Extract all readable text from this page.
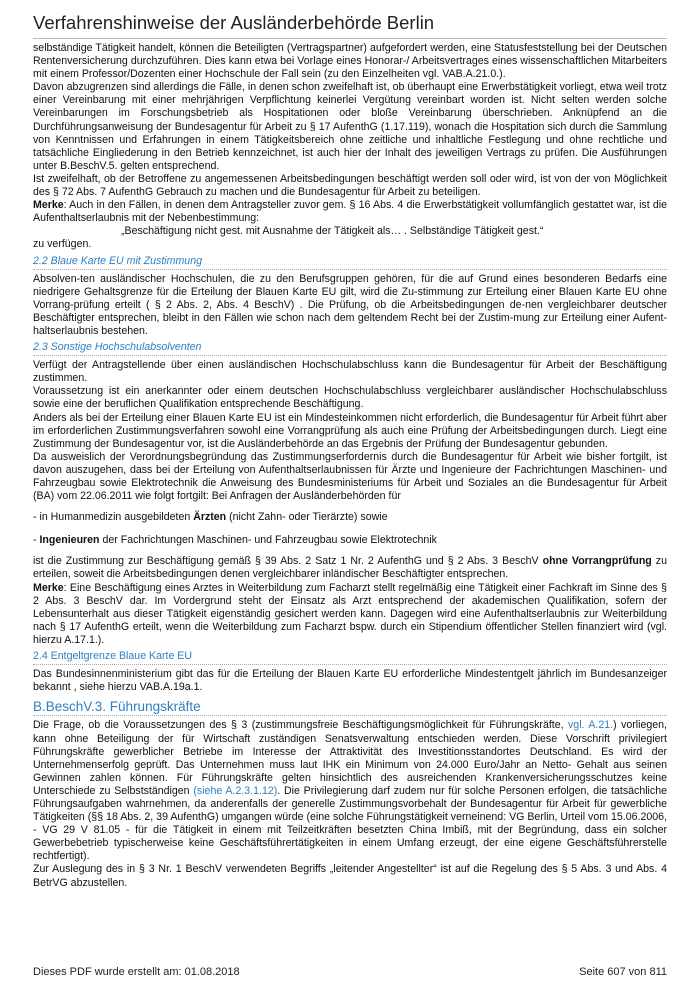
Verfahrenshinweise der Ausländerbehörde Berlin

selbständige Tätigkeit handelt, können die Beteiligten (Vertragspartner) aufgefordert werden, eine Statusfeststellung bei der Deutschen Rentenversicherung durchzuführen. Dies kann etwa bei Vorlage eines Honorar-/ Arbeitsvertrages eines wissenschaftlichen Mitarbeiters mit einem Professor/Dozenten einer Hochschule der Fall sein (zu den Einzelheiten vgl. VAB.A.21.0.).

Davon abzugrenzen sind allerdings die Fälle, in denen schon zweifelhaft ist, ob überhaupt eine Erwerbstätigkeit vorliegt, etwa weil trotz einer Vereinbarung mit einer mehrjährigen Verpflichtung keinerlei Vergütung vereinbart worden ist. Nicht selten werden solche Vereinbarungen im Forschungsbetrieb als Hospitationen oder bloße Vereinbarung überschrieben. Anknüpfend an die Durchführungsanweisung der Bundesagentur für Arbeit zu § 17 AufenthG (1.17.119), wonach die Hospitation sich durch die Sammlung von Kenntnissen und Erfahrungen in einem Tätigkeitsbereich ohne zeitliche und inhaltliche Festlegung und ohne rechtliche und tatsächliche Eingliederung in den Betrieb kennzeichnet, ist auch hier der Inhalt des jeweiligen Vertrags zu prüfen. Die Ausführungen unter B.BeschV.5. gelten entsprechend.

Ist zweifelhaft, ob der Betroffene zu angemessenen Arbeitsbedingungen beschäftigt werden soll oder wird, ist von der von Möglichkeit des § 72 Abs. 7 AufenthG Gebrauch zu machen und die Bundesagentur für Arbeit zu beteiligen.

Merke: Auch in den Fällen, in denen dem Antragsteller zuvor gem. § 16 Abs. 4 die Erwerbstätigkeit vollumfänglich gestattet war, ist die Aufenthaltserlaubnis mit der Nebenbestimmung:

„Beschäftigung nicht gest. mit Ausnahme der Tätigkeit als… . Selbständige Tätigkeit gest.“

zu verfügen.

2.2 Blaue Karte EU mit Zustimmung

Absolven-ten ausländischer Hochschulen, die zu den Berufsgruppen gehören, für die auf Grund eines besonderen Bedarfs eine niedrigere Gehaltsgrenze für die Erteilung der Blauen Karte EU gilt, wird die Zu-stimmung zur Erteilung einer Blauen Karte EU ohne Vorrang-prüfung erteilt ( § 2 Abs. 2, Abs. 4 BeschV) . Die Prüfung, ob die Arbeitsbedingungen de-nen vergleichbarer deutscher Beschäftigter entsprechen, bleibt in den Fällen wie schon nach dem geltendem Recht bei der Zustim-mung zur Erteilung einer Aufent-haltserlaubnis bestehen.

2.3 Sonstige Hochschulabsolventen

Verfügt der Antragstellende über einen ausländischen Hochschulabschluss kann die Bundesagentur für Arbeit der Beschäftigung zustimmen.

Voraussetzung ist ein anerkannter oder einem deutschen Hochschulabschluss vergleichbarer ausländischer Hochschulabschluss sowie eine der beruflichen Qualifikation entsprechende Beschäftigung.

Anders als bei der Erteilung einer Blauen Karte EU ist ein Mindesteinkommen nicht erforderlich, die Bundesagentur für Arbeit führt aber im erforderlichen Zustimmungsverfahren sowohl eine Vorrangprüfung als auch eine Prüfung der Arbeitsbedingungen durch. Liegt eine Zustimmung der Bundesagentur vor, ist die Ausländerbehörde an das Ergebnis der Prüfung der Bundesagentur gebunden.

Da ausweislich der Verordnungsbegründung das Zustimmungserfordernis durch die Bundesagentur für Arbeit wie bisher fortgilt, ist davon auszugehen, dass bei der Erteilung von Aufenthaltserlaubnissen für Ärzte und Ingenieure der Fachrichtungen Maschinen- und Fahrzeugbau sowie Elektrotechnik die Anweisung des Bundesministeriums für Arbeit und Soziales an die Bundesagentur für Arbeit (BA) vom 22.06.2011 wie folgt fortgilt: Bei Anfragen der Ausländerbehörden für

- in Humanmedizin ausgebildeten Ärzten (nicht Zahn- oder Tierärzte) sowie

- Ingenieuren der Fachrichtungen Maschinen- und Fahrzeugbau sowie Elektrotechnik

ist die Zustimmung zur Beschäftigung gemäß § 39 Abs. 2 Satz 1 Nr. 2 AufenthG und § 2 Abs. 3 BeschV ohne Vorrangprüfung zu erteilen, soweit die Arbeitsbedingungen denen vergleichbarer inländischer Beschäftigter entsprechen.

Merke: Eine Beschäftigung eines Arztes in Weiterbildung zum Facharzt stellt regelmäßig eine Tätigkeit einer Fachkraft im Sinne des § 2 Abs. 3 BeschV dar. Im Vordergrund steht der Einsatz als Arzt entsprechend der akademischen Qualifikation, sofern der Lebensunterhalt aus dieser Tätigkeit eigenständig gesichert werden kann. Dagegen wird eine Aufenthaltserlaubnis zur Weiterbildung nach § 17 AufenthG erteilt, wenn die Weiterbildung zum Facharzt bspw. durch ein Stipendium öffentlicher Stellen finanziert wird (vgl. hierzu A.17.1.).

2.4 Entgeltgrenze Blaue Karte EU

Das Bundesinnenministerium gibt das für die Erteilung der Blauen Karte EU erforderliche Mindestentgelt jährlich im Bundesanzeiger bekannt , siehe hierzu VAB.A.19a.1.

B.BeschV.3. Führungskräfte

Die Frage, ob die Voraussetzungen des § 3 (zustimmungsfreie Beschäftigungsmöglichkeit für Führungskräfte, vgl. A.21.) vorliegen, kann ohne Beteiligung der für Wirtschaft zuständigen Senatsverwaltung entschieden werden. Diese Vorschrift privilegiert Führungskräfte gewerblicher Betriebe im Interesse der Attraktivität des Investitionsstandortes Deutschland. Es wird der Unternehmenserfolg geprüft. Das Unternehmen muss laut IHK ein Minimum von 24.000 Euro/Jahr an Netto- Gehalt aus seinen Gewinnen zahlen können. Für Führungskräfte gelten hinsichtlich des ausreichenden Krankenversicherungsschutzes keine Unterschiede zu Selbstständigen (siehe A.2.3.1.12). Die Privilegierung darf zudem nur für solche Personen erfolgen, die tatsächliche Führungsaufgaben wahrnehmen, da anderenfalls der generelle Zustimmungsvorbehalt der Bundesagentur für Arbeit für gewerbliche Tätigkeiten (§§ 18 Abs. 2, 39 AufenthG) umgangen würde (eine solche Führungstätigkeit verneinend: VG Berlin, Urteil vom 15.06.2006, - VG 29 V 81.05 - für die Tätigkeit in einem mit Teilzeitkräften besetzten China Imbiß, mit der Begründung, dass ein solcher Gewerbebetrieb typischerweise keine Geschäftsführertätigkeiten in einem Umfang erzeugt, der eine eigene Geschäftsführerstelle rechtfertigt).

Zur Auslegung des in § 3 Nr. 1 BeschV verwendeten Begriffs „leitender Angestellter“ ist auf die Regelung des § 5 Abs. 3 und Abs. 4 BetrVG abzustellen.

Dieses PDF wurde erstellt am: 01.08.2018	Seite 607 von 811
